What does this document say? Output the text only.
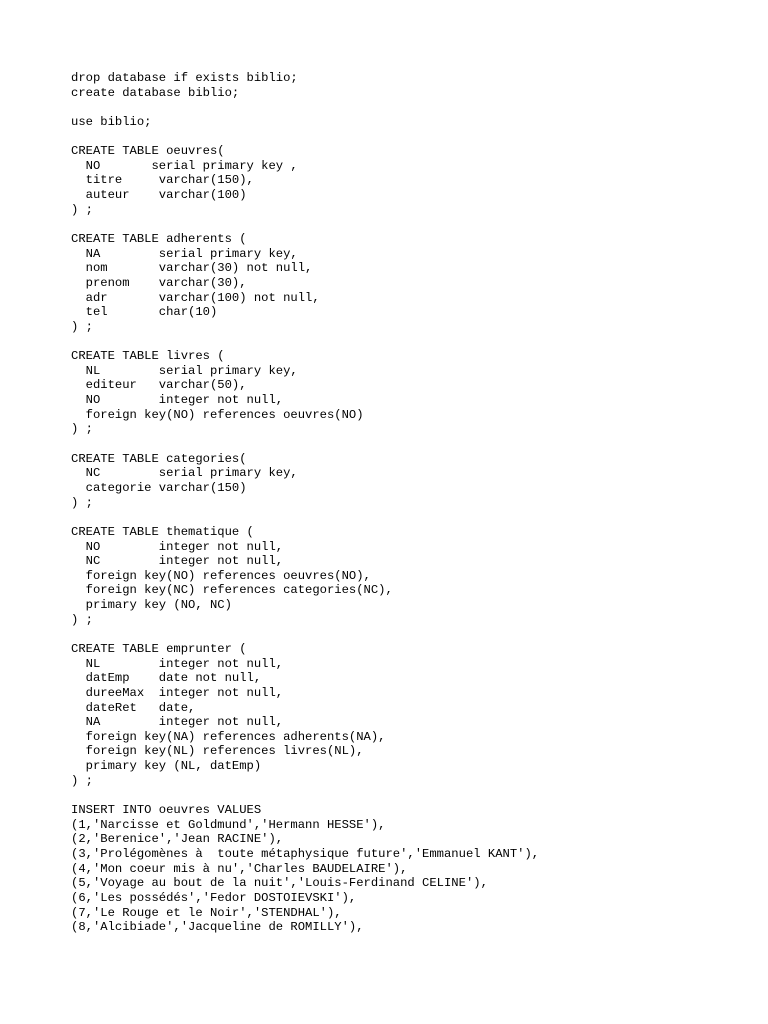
drop database if exists biblio;
create database biblio;
use biblio;
CREATE TABLE oeuvres(
NO       serial primary key ,
titre     varchar(150),
auteur    varchar(100)
) ;
CREATE TABLE adherents (
NA        serial primary key,
nom       varchar(30) not null,
prenom    varchar(30),
adr       varchar(100) not null,
tel       char(10)
) ;
CREATE TABLE livres (
NL        serial primary key,
editeur   varchar(50),
NO        integer not null,
foreign key(NO) references oeuvres(NO)
) ;
CREATE TABLE categories(
NC        serial primary key,
categorie varchar(150)
) ;
CREATE TABLE thematique (
NO        integer not null,
NC        integer not null,
foreign key(NO) references oeuvres(NO),
foreign key(NC) references categories(NC),
primary key (NO, NC)
) ;
CREATE TABLE emprunter (
NL        integer not null,
datEmp    date not null,
dureeMax  integer not null,
dateRet   date,
NA        integer not null,
foreign key(NA) references adherents(NA),
foreign key(NL) references livres(NL),
primary key (NL, datEmp)
) ;
INSERT INTO oeuvres VALUES
(1,'Narcisse et Goldmund','Hermann HESSE'),
(2,'Berenice','Jean RACINE'),
(3,'Prolégomènes à  toute métaphysique future','Emmanuel KANT'),
(4,'Mon coeur mis à nu','Charles BAUDELAIRE'),
(5,'Voyage au bout de la nuit','Louis-Ferdinand CELINE'),
(6,'Les possédés','Fedor DOSTOIEVSKI'),
(7,'Le Rouge et le Noir','STENDHAL'),
(8,'Alcibiade','Jacqueline de ROMILLY'),
